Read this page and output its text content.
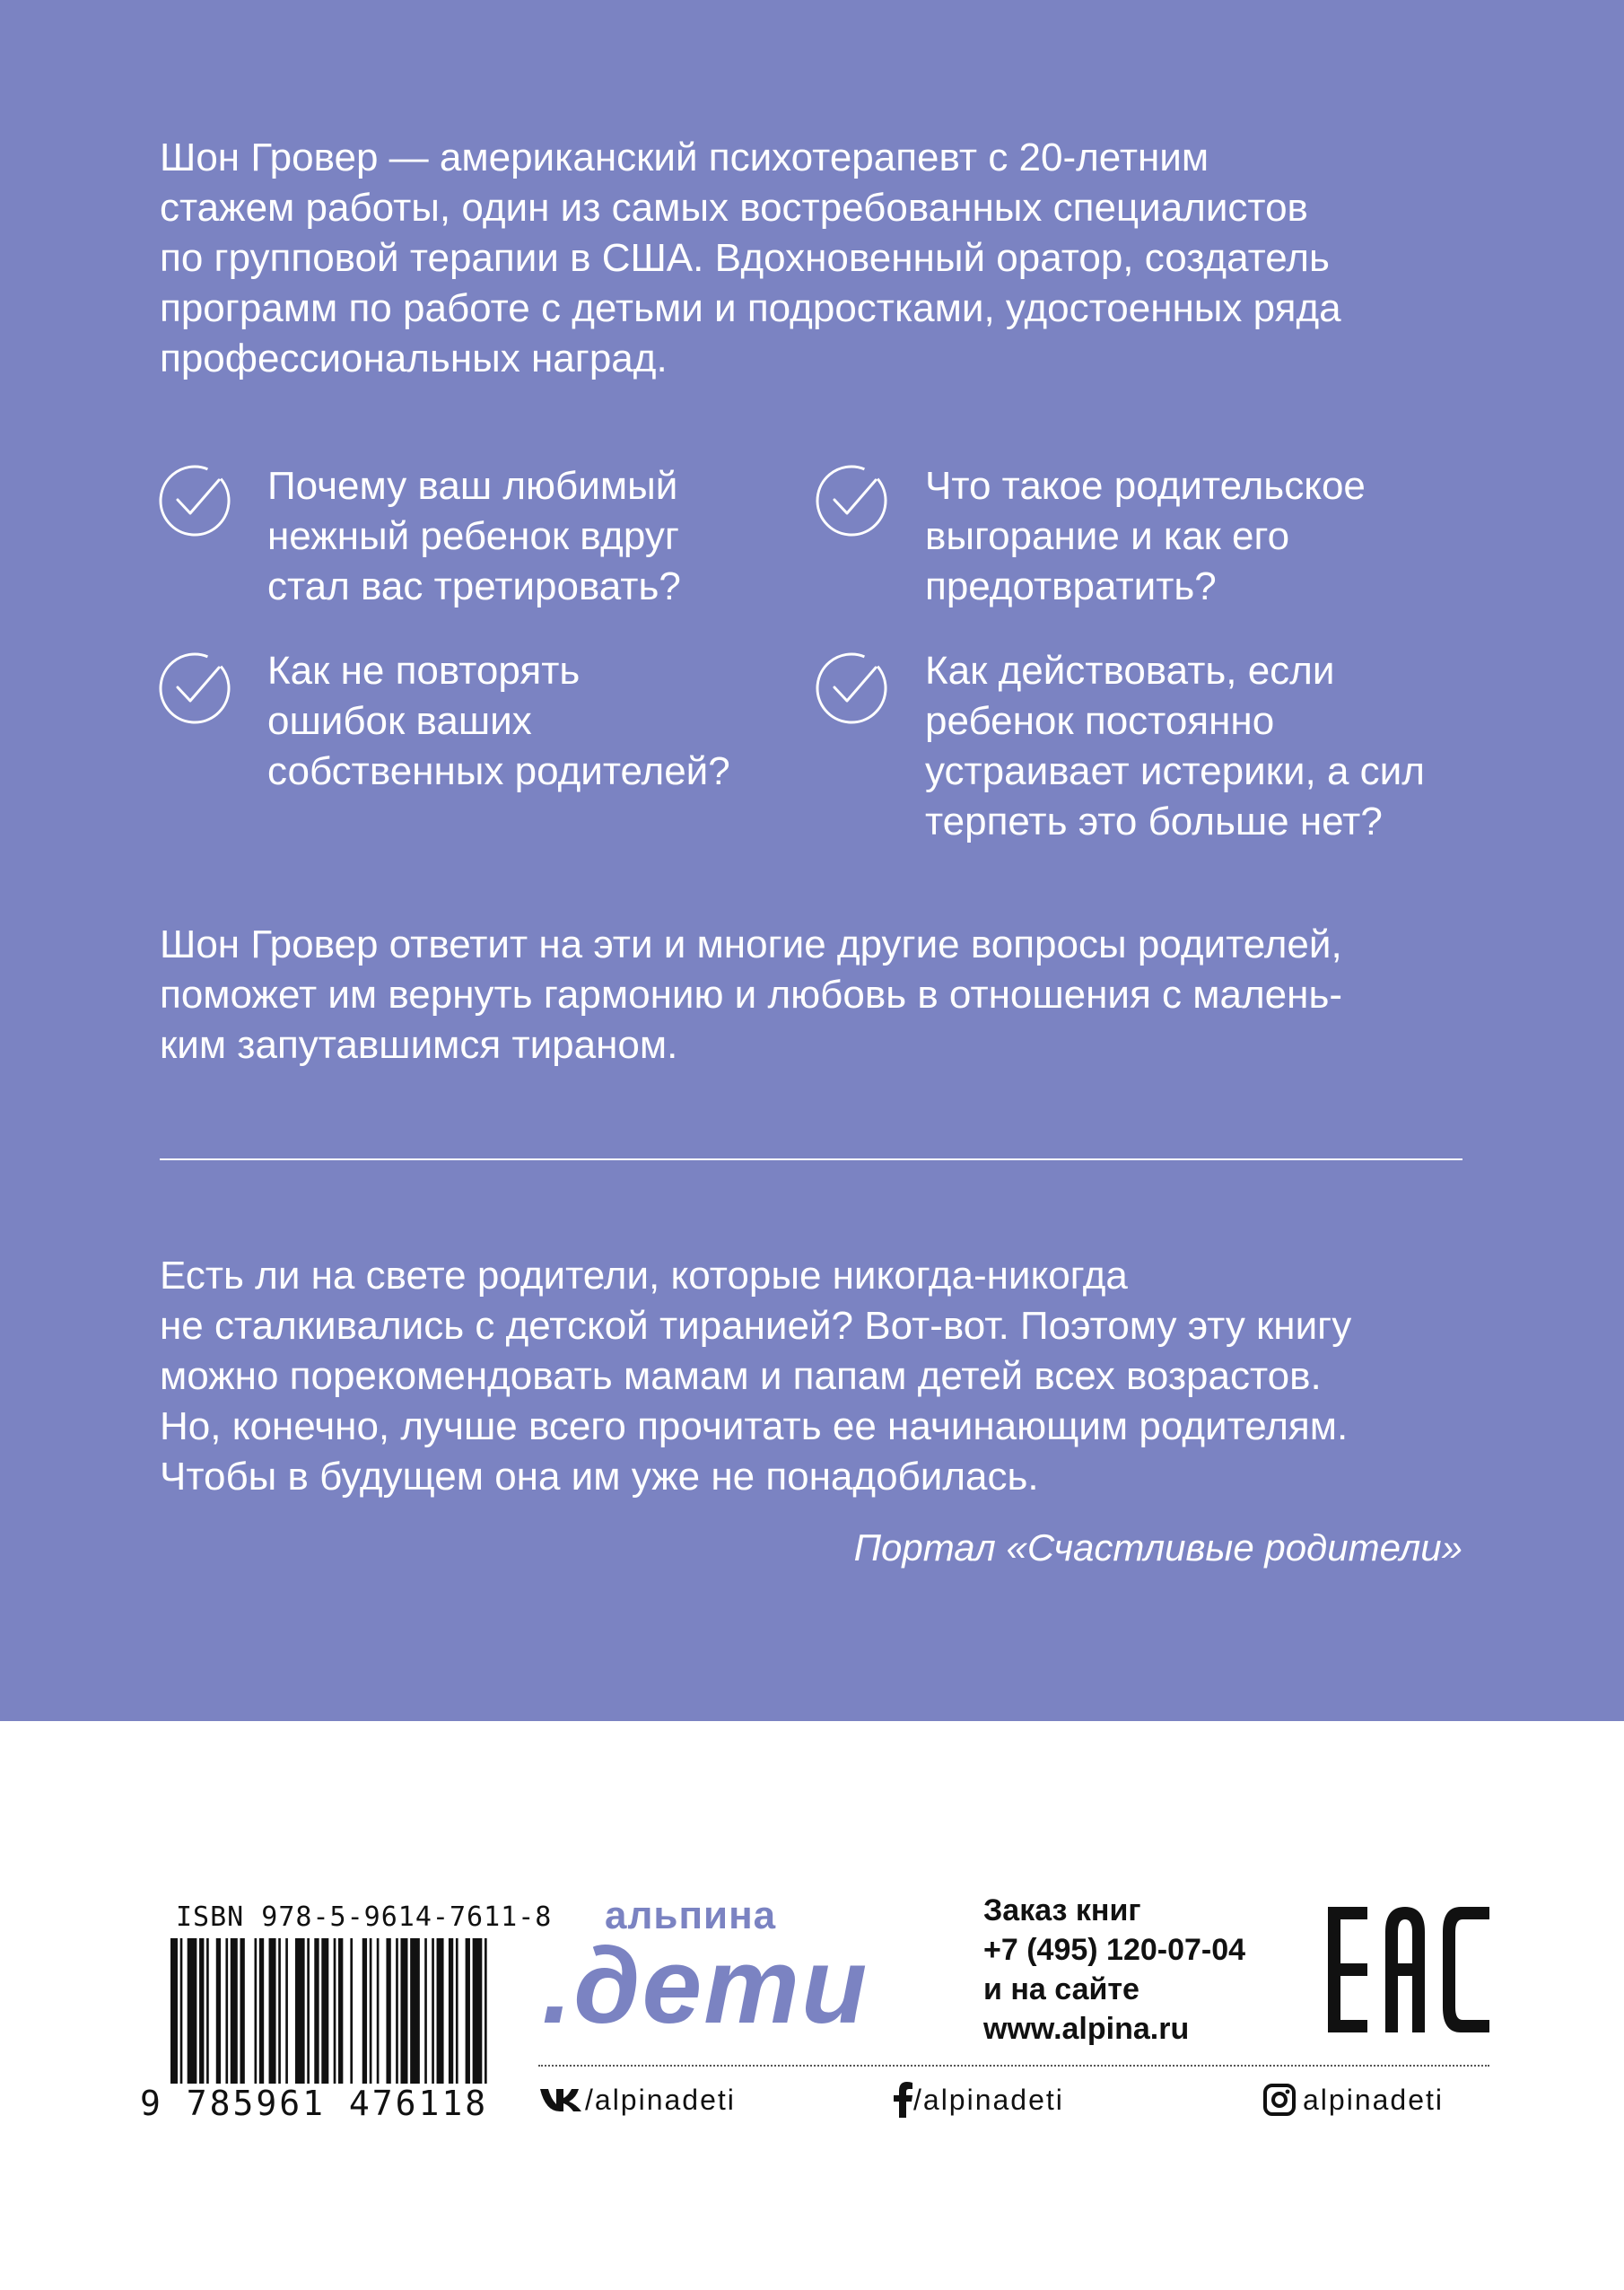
Шон Гровер — американский психотерапевт с 20-летним
стажем работы, один из самых востребованных специалистов
по групповой терапии в США. Вдохновенный оратор, создатель
программ по работе с детьми и подростками, удостоенных ряда
профессиональных наград.

Почему ваш любимый
нежный ребенок вдруг
стал вас третировать?

Что такое родительское
выгорание и как его
предотвратить?

Как не повторять
ошибок ваших
собственных родителей?

Как действовать, если
ребенок постоянно
устраивает истерики, а сил
терпеть это больше нет?

Шон Гровер ответит на эти и многие другие вопросы родителей,
поможет им вернуть гармонию и любовь в отношения с малень-
ким запутавшимся тираном.

Есть ли на свете родители, которые никогда-никогда
не сталкивались с детской тиранией? Вот-вот. Поэтому эту книгу
можно порекомендовать мамам и папам детей всех возрастов.
Но, конечно, лучше всего прочитать ее начинающим родителям.
Чтобы в будущем она им уже не понадобилась.

Портал «Счастливые родители»

ISBN 978-5-9614-7611-8
9 785961 476118
альпина
.дети
Заказ книг
+7 (495) 120-07-04
и на сайте
www.alpina.ru
/alpinadeti	/alpinadeti	alpinadeti
